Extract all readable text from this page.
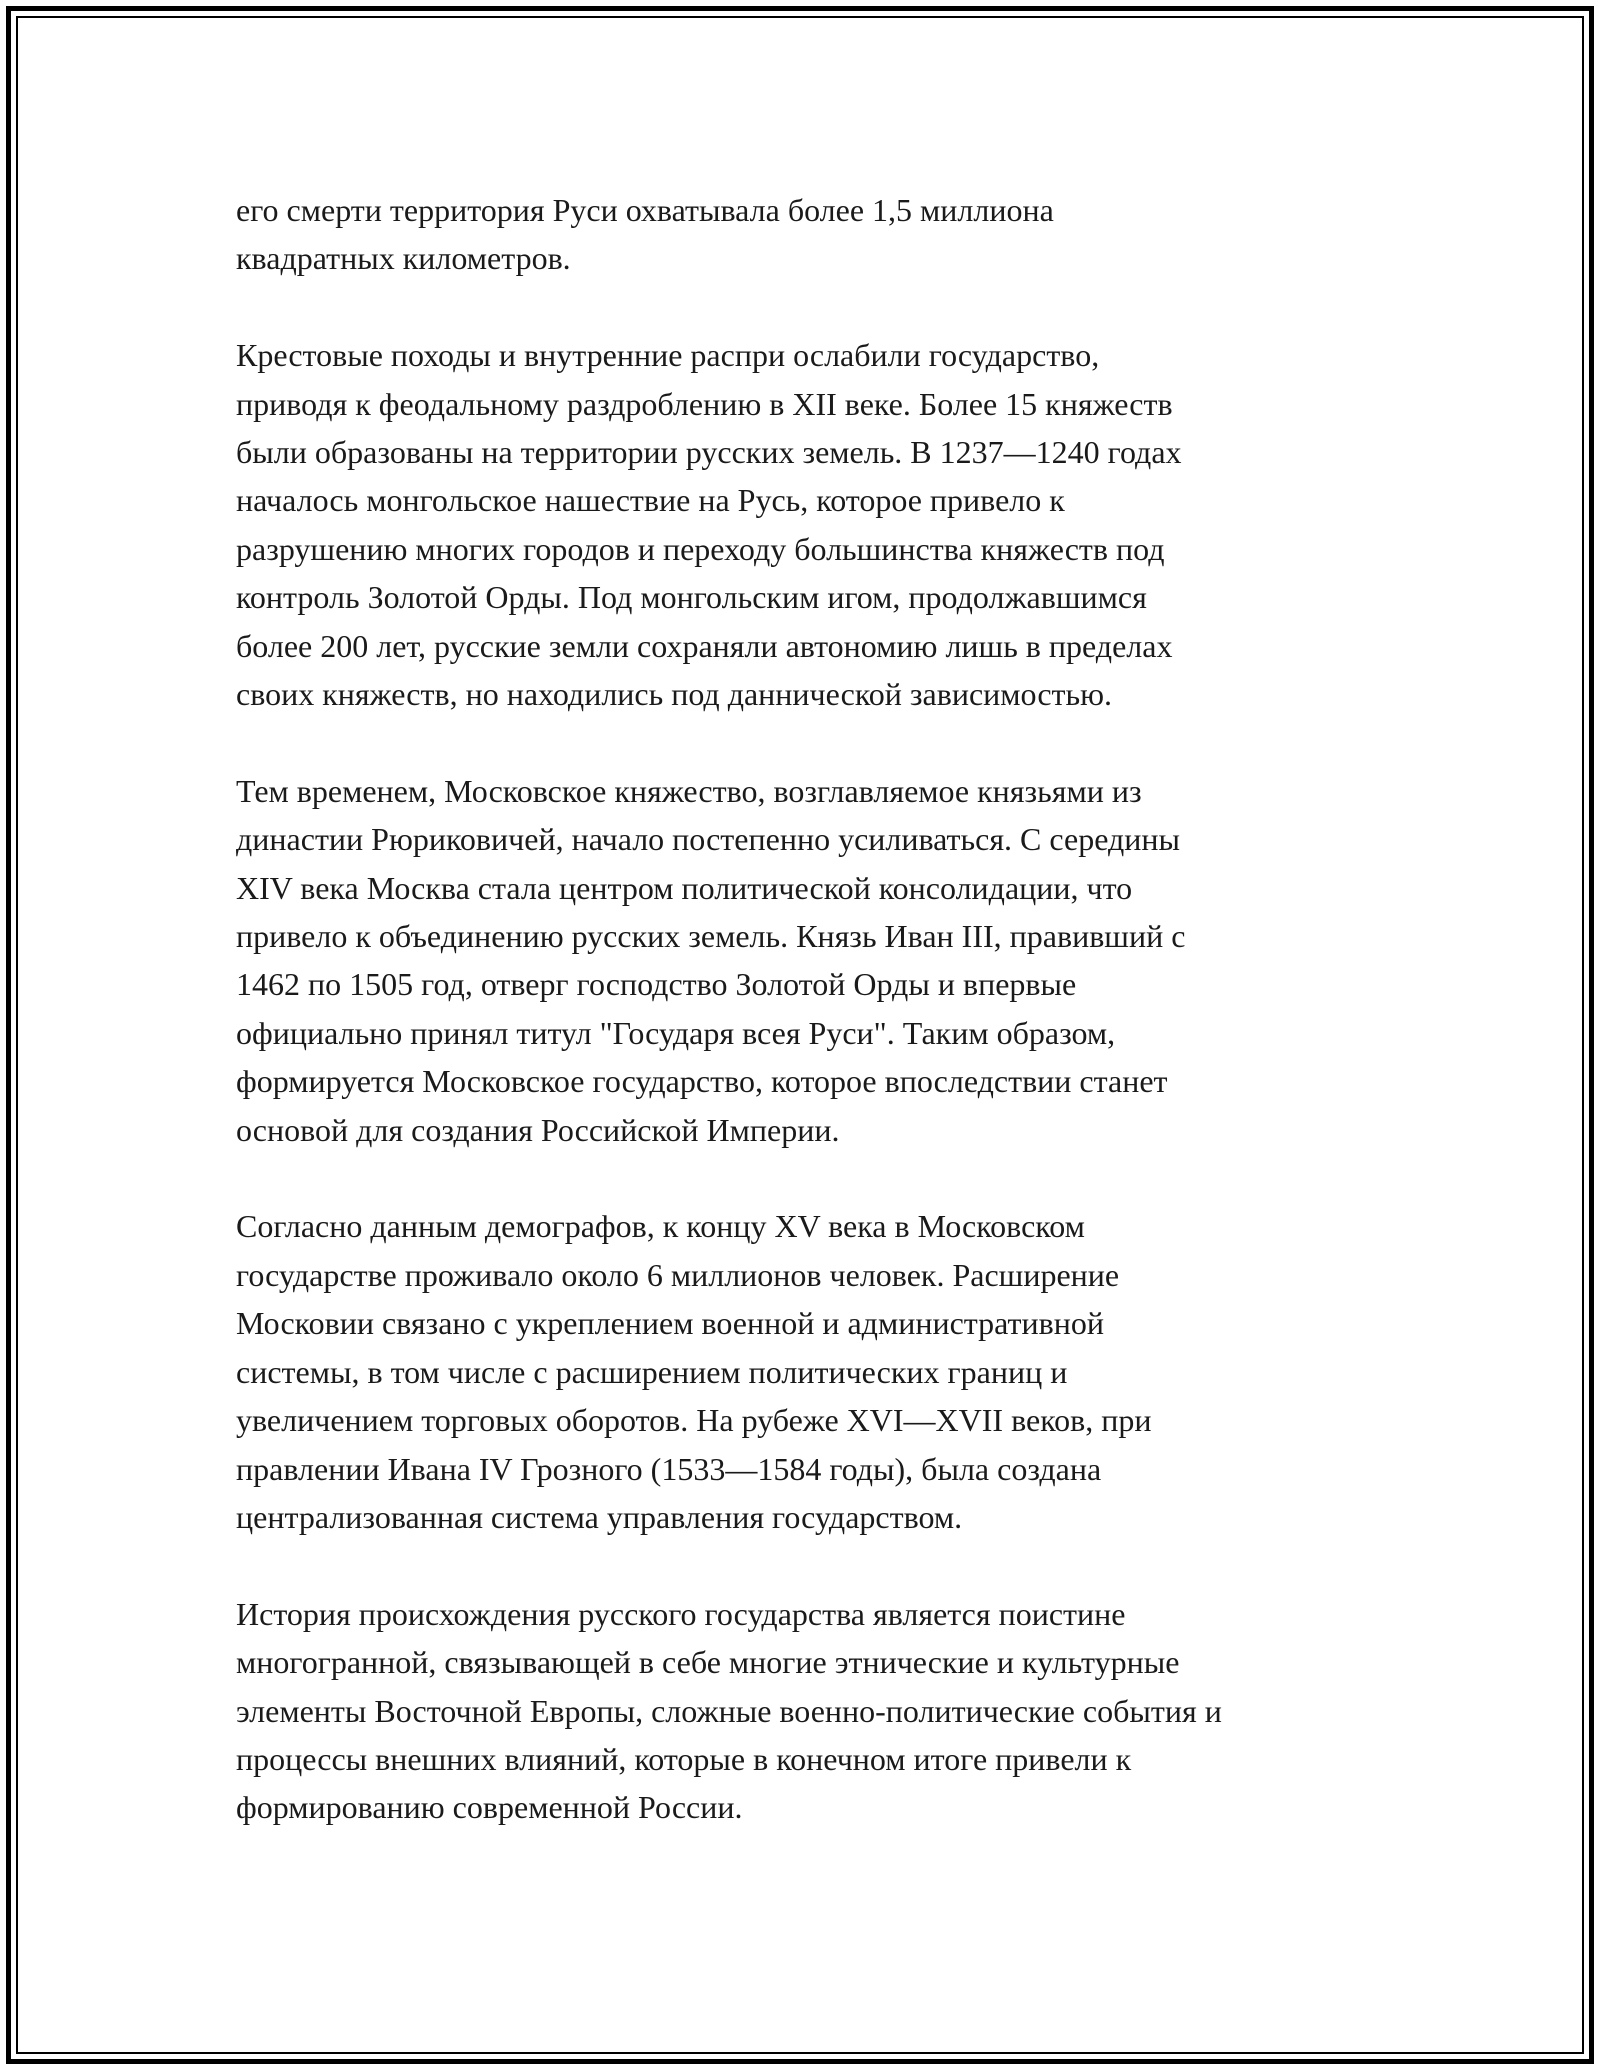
его смерти территория Руси охватывала более 1,5 миллиона
квадратных километров.

Крестовые походы и внутренние распри ослабили государство,
приводя к феодальному раздроблению в XII веке. Более 15 княжеств
были образованы на территории русских земель. В 1237—1240 годах
началось монгольское нашествие на Русь, которое привело к
разрушению многих городов и переходу большинства княжеств под
контроль Золотой Орды. Под монгольским игом, продолжавшимся
более 200 лет, русские земли сохраняли автономию лишь в пределах
своих княжеств, но находились под даннической зависимостью.

Тем временем, Московское княжество, возглавляемое князьями из
династии Рюриковичей, начало постепенно усиливаться. С середины
XIV века Москва стала центром политической консолидации, что
привело к объединению русских земель. Князь Иван III, правивший с
1462 по 1505 год, отверг господство Золотой Орды и впервые
официально принял титул "Государя всея Руси". Таким образом,
формируется Московское государство, которое впоследствии станет
основой для создания Российской Империи.

Согласно данным демографов, к концу XV века в Московском
государстве проживало около 6 миллионов человек. Расширение
Московии связано с укреплением военной и административной
системы, в том числе с расширением политических границ и
увеличением торговых оборотов. На рубеже XVI—XVII веков, при
правлении Ивана IV Грозного (1533—1584 годы), была создана
централизованная система управления государством.

История происхождения русского государства является поистине
многогранной, связывающей в себе многие этнические и культурные
элементы Восточной Европы, сложные военно-политические события и
процессы внешних влияний, которые в конечном итоге привели к
формированию современной России.
